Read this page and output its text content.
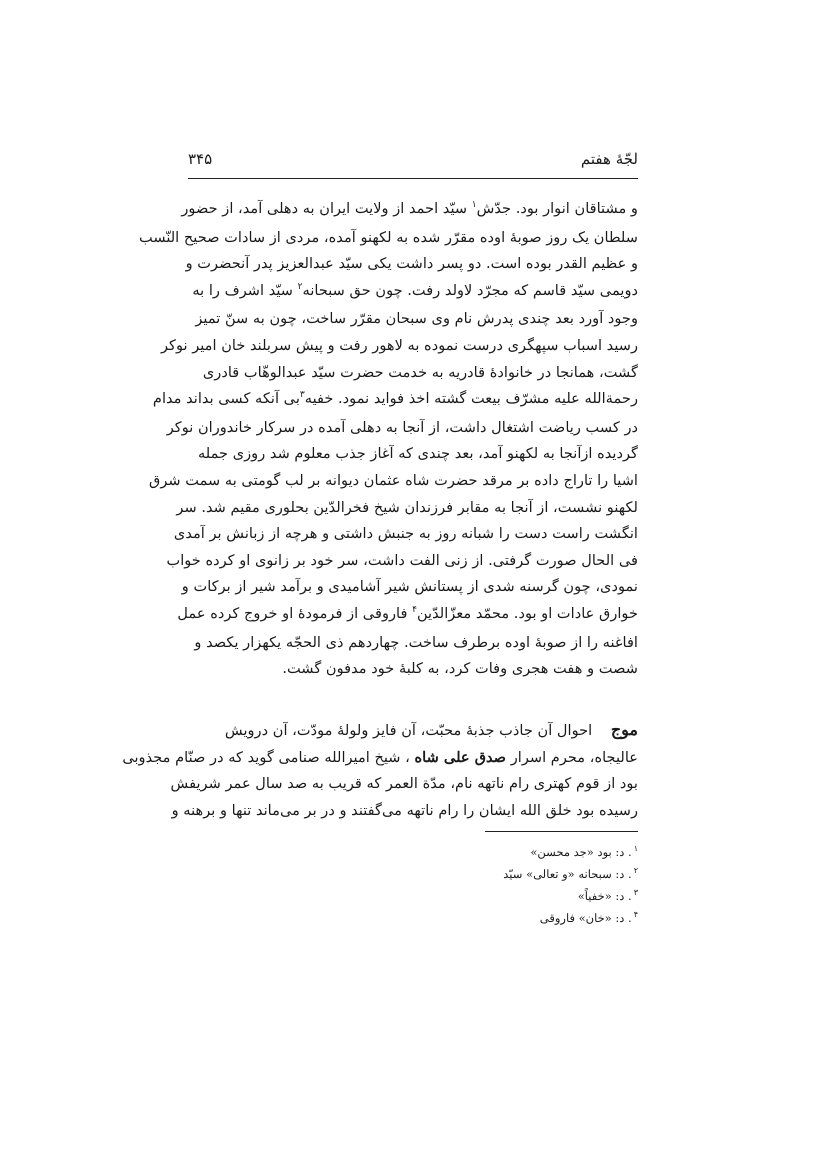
لجّهٔ هفتم
۳۴۵
و مشتاقان انوار بود. جدّش$^۱$ سیّد احمد از ولایت ایران به دهلی آمد، از حضور
سلطان یک روز صوبهٔ اوده مقرّر شده به لکهنو آمده، مردی از سادات صحیح النّسب
و عظیم القدر بوده است. دو پسر داشت یکی سیّد عبدالعزیز پدر آنحضرت و
دویمی سیّد قاسم که مجرّد لاولد رفت. چون حق سبحانه$^۲$ سیّد اشرف را به
وجود آورد بعد چندی پدرش نام وی سبحان مقرّر ساخت، چون به سنّ تمیز
رسید اسباب سپهگری درست نموده به لاهور رفت و پیش سربلند خان امیر نوکر
گشت، همانجا در خانوادهٔ قادریه به خدمت حضرت سیّد عبدالوهّاب قادری
رحمةالله علیه مشرّف بیعت گشته اخذ فواید نمود. خفیه$^۳$بی آنکه کسی بداند مدام
در کسب ریاضت اشتغال داشت، از آنجا به دهلی آمده در سرکار خاندوران نوکر
گردیده ازآنجا به لکهنو آمد، بعد چندی که آغاز جذب معلوم شد روزی جمله
اشیا را تاراج داده بر مرقد حضرت شاه عثمان دیوانه بر لب گومتی به سمت شرق
لکهنو نشست، از آنجا به مقابر فرزندان شیخ فخرالدّین بحلوری مقیم شد. سر
انگشت راست دست را شبانه روز به جنبش داشتی و هرچه از زبانش بر آمدی
فی الحال صورت گرفتی. از زنی الفت داشت، سر خود بر زانوی او کرده خواب
نمودی، چون گرسنه شدی از پستانش شیر آشامیدی و برآمد شیر از برکات و
خوارق عادات او بود. محمّد معزّالدّین$^۴$ فاروقی از فرمودهٔ او خروج کرده عمل
افاغنه را از صوبهٔ اوده برطرف ساخت. چهاردهم ذی الحجّه یکهزار یکصد و
شصت و هفت هجری وفات کرد، به کلبهٔ خود مدفون گشت.
موج احوال آن جاذب جذبهٔ محبّت، آن فایز ولولهٔ مودّت، آن درویش
عالیجاه، محرم اسرار صدق علی شاه ، شیخ امیرالله صنامی گوید که در صنّام مجذوبی
بود از قوم کهتری رام ناتهه نام، مدّة العمر که قریب به صد سال عمر شریفش
رسیده بود خلق الله ایشان را رام ناتهه می‌گفتند و در بر می‌ماند تنها و برهنه و
$^۱$. د: بود «جد محسن»
$^۲$. د: سبحانه «و تعالی» سیّد
$^۳$. د: «خفیاً»
$^۴$. د: «خان» فاروقی
